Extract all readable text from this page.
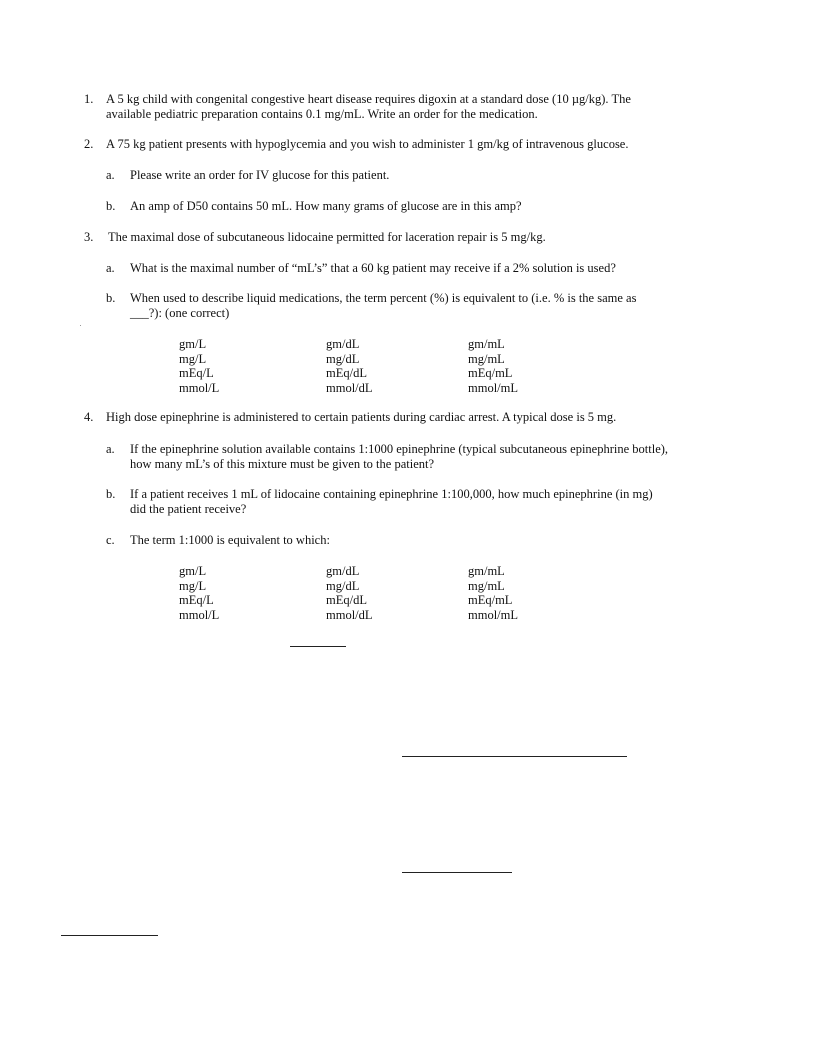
1. A 5 kg child with congenital congestive heart disease requires digoxin at a standard dose (10 µg/kg). The
available pediatric preparation contains 0.1 mg/mL. Write an order for the medication.
2. A 75 kg patient presents with hypoglycemia and you wish to administer 1 gm/kg of intravenous glucose.
a. Please write an order for IV glucose for this patient.
b. An amp of D50 contains 50 mL. How many grams of glucose are in this amp?
3. The maximal dose of subcutaneous lidocaine permitted for laceration repair is 5 mg/kg.
a. What is the maximal number of “mL’s” that a 60 kg patient may receive if a 2% solution is used?
b. When used to describe liquid medications, the term percent (%) is equivalent to (i.e. % is the same as
___?): (one correct)
gm/L
mg/L
mEq/L
mmol/L
gm/dL
mg/dL
mEq/dL
mmol/dL
gm/mL
mg/mL
mEq/mL
mmol/mL
4. High dose epinephrine is administered to certain patients during cardiac arrest. A typical dose is 5 mg.
a. If the epinephrine solution available contains 1:1000 epinephrine (typical subcutaneous epinephrine bottle),
how many mL’s of this mixture must be given to the patient?
b. If a patient receives 1 mL of lidocaine containing epinephrine 1:100,000, how much epinephrine (in mg)
did the patient receive?
c. The term 1:1000 is equivalent to which:
gm/L
mg/L
mEq/L
mmol/L
gm/dL
mg/dL
mEq/dL
mmol/dL
gm/mL
mg/mL
mEq/mL
mmol/mL
